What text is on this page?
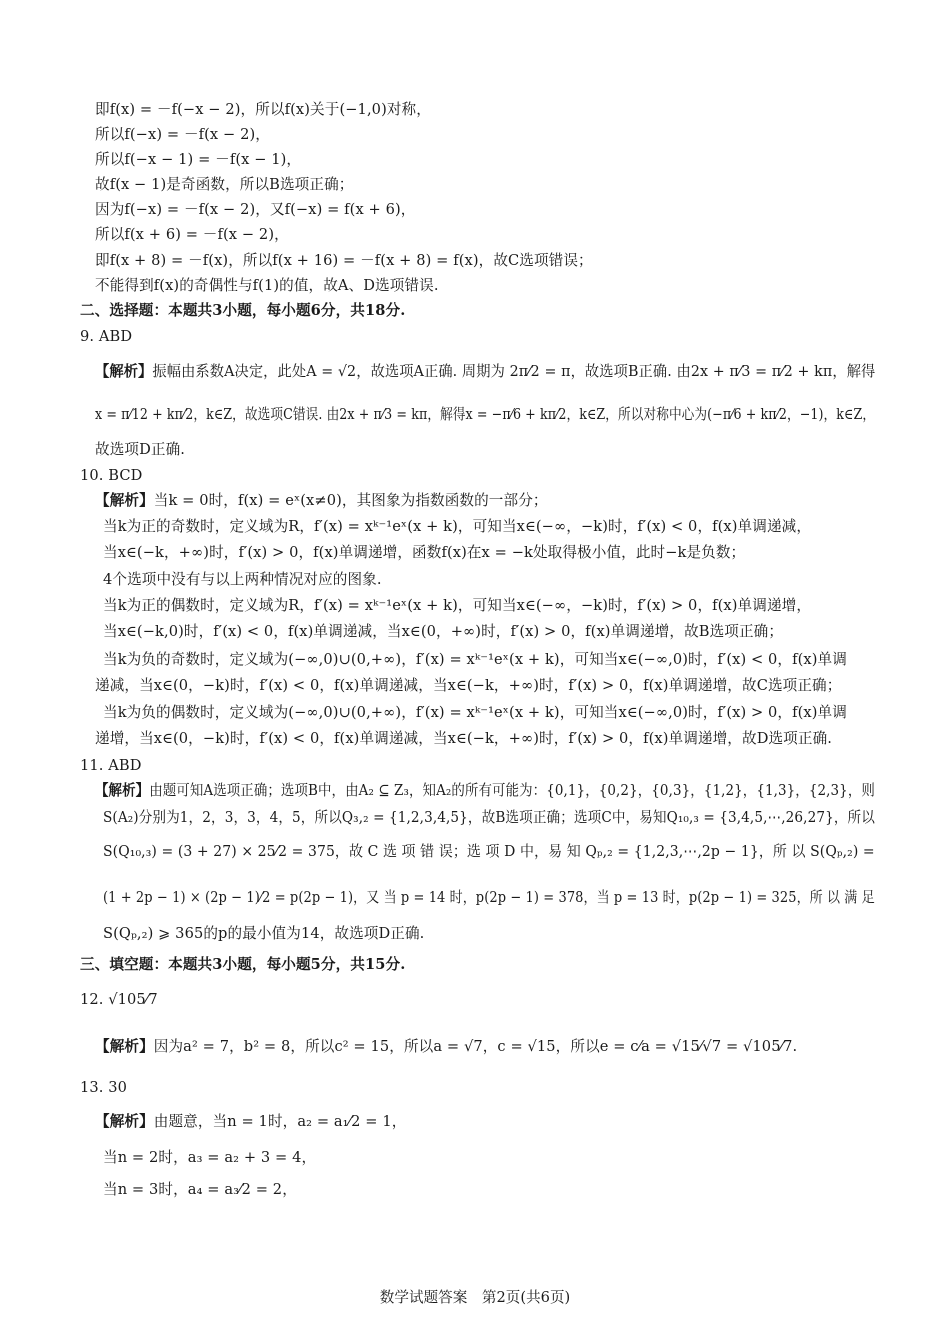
即f(x) = －f(−x − 2)，所以f(x)关于(−1,0)对称，
所以f(−x) = －f(x − 2)，
所以f(−x − 1) = －f(x − 1)，
故f(x − 1)是奇函数，所以B选项正确；
因为f(−x) = －f(x − 2)，又f(−x) = f(x + 6)，
所以f(x + 6) = －f(x − 2)，
即f(x + 8) = －f(x)，所以f(x + 16) = －f(x + 8) = f(x)，故C选项错误；
不能得到f(x)的奇偶性与f(1)的值，故A、D选项错误.
二、选择题：本题共3小题，每小题6分，共18分.
9. ABD
【解析】振幅由系数A决定，此处A = √2，故选项A正确. 周期为 2π⁄2 = π，故选项B正确. 由2x + π⁄3 = π⁄2 + kπ，解得
x = π⁄12 + kπ⁄2，k∈Z，故选项C错误. 由2x + π⁄3 = kπ，解得x = −π⁄6 + kπ⁄2，k∈Z，所以对称中心为(−π⁄6 + kπ⁄2，−1)，k∈Z，
故选项D正确.
10. BCD
【解析】当k = 0时，f(x) = eˣ(x≠0)，其图象为指数函数的一部分；
当k为正的奇数时，定义域为R，f′(x) = xᵏ⁻¹eˣ(x + k)，可知当x∈(−∞，−k)时，f′(x) < 0，f(x)单调递减，
当x∈(−k，+∞)时，f′(x) > 0，f(x)单调递增，函数f(x)在x = −k处取得极小值，此时−k是负数；
4个选项中没有与以上两种情况对应的图象.
当k为正的偶数时，定义域为R，f′(x) = xᵏ⁻¹eˣ(x + k)，可知当x∈(−∞，−k)时，f′(x) > 0，f(x)单调递增，
当x∈(−k,0)时，f′(x) < 0，f(x)单调递减，当x∈(0，+∞)时，f′(x) > 0，f(x)单调递增，故B选项正确；
当k为负的奇数时，定义域为(−∞,0)∪(0,+∞)，f′(x) = xᵏ⁻¹eˣ(x + k)，可知当x∈(−∞,0)时，f′(x) < 0，f(x)单调
递减，当x∈(0，−k)时，f′(x) < 0，f(x)单调递减，当x∈(−k，+∞)时，f′(x) > 0，f(x)单调递增，故C选项正确；
当k为负的偶数时，定义域为(−∞,0)∪(0,+∞)，f′(x) = xᵏ⁻¹eˣ(x + k)，可知当x∈(−∞,0)时，f′(x) > 0，f(x)单调
递增，当x∈(0，−k)时，f′(x) < 0，f(x)单调递减，当x∈(−k，+∞)时，f′(x) > 0，f(x)单调递增，故D选项正确.
11. ABD
【解析】由题可知A选项正确；选项B中，由A₂ ⊆ Z₃，知A₂的所有可能为：{0,1}，{0,2}，{0,3}，{1,2}，{1,3}，{2,3}，则
S(A₂)分别为1，2，3，3，4，5，所以Q₃,₂ = {1,2,3,4,5}，故B选项正确；选项C中，易知Q₁₀,₃ = {3,4,5,⋯,26,27}，所以
S(Q₁₀,₃) = (3 + 27) × 25⁄2 = 375，故 C 选 项 错 误；选 项 D 中，易 知 Qₚ,₂ = {1,2,3,⋯,2p − 1}，所 以 S(Qₚ,₂) =
(1 + 2p − 1) × (2p − 1)⁄2 = p(2p − 1)，又 当 p = 14 时，p(2p − 1) = 378，当 p = 13 时，p(2p − 1) = 325，所 以 满 足
S(Qₚ,₂) ⩾ 365的p的最小值为14，故选项D正确.
三、填空题：本题共3小题，每小题5分，共15分.
12. √105⁄7
【解析】因为a² = 7，b² = 8，所以c² = 15，所以a = √7，c = √15，所以e = c⁄a = √15⁄√7 = √105⁄7.
13. 30
【解析】由题意，当n = 1时，a₂ = a₁⁄2 = 1，
当n = 2时，a₃ = a₂ + 3 = 4，
当n = 3时，a₄ = a₃⁄2 = 2，
数学试题答案　第2页(共6页)
